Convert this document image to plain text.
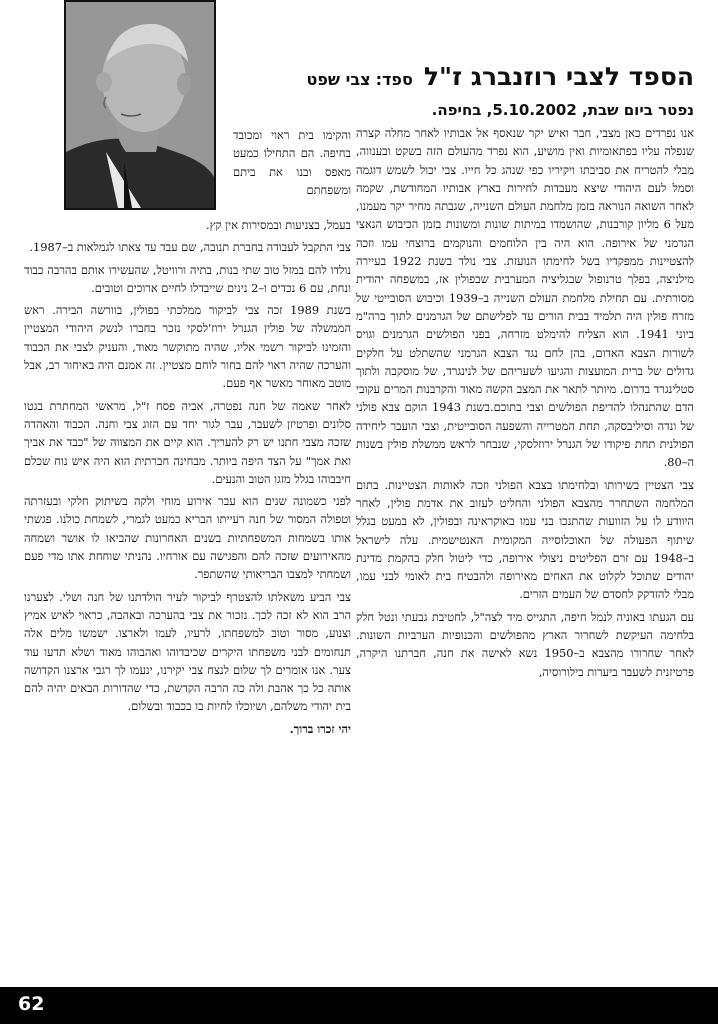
הספד לצבי רוזנברג ז"ל ספד: צבי שפט
נפטר ביום שבת, 5.10.2002, בחיפה.

אנו נפרדים כאן מצבי, חבר ואיש יקר שנאסף אל אבותיו לאחר מחלה קצרה שנפלה עליו בפתאומיות ואין מושיע, הוא נפרד מהעולם הזה בשקט ובענווה, מבלי להטריח את סביבתו ויקיריו כפי שנהג כל חייו. צבי יכול לשמש דוגמה וסמל לעם היהודי שיצא מעבדות לחירות בארץ אבותיו המחודשת, שקמה לאחר השואה הנוראה בזמן מלחמת העולם השנייה, שגבתה מחיר יקר מעמנו, מעל 6 מליון קורבנות, שהושמדו במיתות שונות ומשונות בזמן הכיבוש הנאצי הגרמני של אירופה. הוא היה בין הלוחמים והנוקמים ברוצחי עמו וזכה להצטיינות ממפקדיו בשל לחימתו הנועזת. צבי נולד בשנת 1922 בעיירה מילניצה, בפלך טרנופול שבגליציה המערבית שבפולין אז, במשפחה יהודית מסורתית. עם תחילת מלחמת העולם השנייה ב–1939 וכיבוש הסובייטי של מזרח פולין היה תלמיד בבית הורים עד לפלישתם של הגרמנים לתוך ברה"מ ביוני 1941. הוא הצליח להימלט מזרחה, בפני הפולשים הגרמנים וגויס לשורות הצבא האדום, בהן לחם נגד הצבא הגרמני שהשתלט על חלקים גדולים של ברית המועצות והגיעו לשעריהם של לנינגרד, של מוסקבה ולתוך סטלינגרד בדרום. מיותר לתאר את המצב הקשה מאוד והקרבנות המרים עקובי הדם שהתנהלו להדיפת הפולשים וצבי בתוכם.בשנת 1943 הוקם צבא פולני של ונדה וסיליבסקה, תחת המטרייה והשפעה הסובייטית, וצבי הועבר ליחידה הפולנית תחת פיקודו של הגנרל ירוזלסקי, שנבחר לראש ממשלת פולין בשנות ה–80.

צבי הצטיין בשירותו ובלחימתו בצבא הפולני וזכה לאותות הצטיינות. בתום המלחמה השתחרר מהצבא הפולני והחליט לעזוב את אדמת פולין, לאחר היוודע לו על הזוועות שהתנכו בני עמו באוקראינה ובפולין, לא במעט בגלל שיתוף הפעולה של האוכלוסייה המקומית האנטישמית. עלה לישראל ב–1948 עם זרם הפליטים ניצולי אירופה, כדי ליטול חלק בהקמת מדינת יהודים שתוכל לקלוט את האחים מאירופה ולהבטיח בית לאומי לבני עמו, מבלי להזדקק לחסדם של העמים הזרים.

עם הגעתו באוניה לנמל חיפה, התגייס מיד לצה"ל, לחטיבת גבעתי ונטל חלק בלחימה העיקשת לשחרור הארץ מהפולשים והכנופיות הערביות השונות. לאחר שחרורו מהצבא ב–1950 נשא לאישה את חנה, חברתנו היקרה, פרטיזנית לשעבר ביערות בילורוסיה,

והקימו בית ראוי ומכובד בחיפה. הם התחילו כמעט מאפס ובנו את ביתם ומשפחתם

בעמל, בצניעות ובמסירות אין קץ.

צבי התקבל לעבודה בחברת תנובה, שם עבד עד צאתו לגמלאות ב–1987.

נולדו להם במזל טוב שתי בנות, בתיה ורוויטל, שהעשירו אותם בהרבה כבוד ונחת, עם 6 נכדים ו–2 נינים שייבדלו לחיים ארוכים וטובים.

בשנת 1989 זכה צבי לביקור ממלכתי בפולין, בוורשה הבירה. ראש הממשלה של פולין הגנרל ירוז'לסקי נזכר בחברו לנשק היהודי המצטיין והזמינו לביקור רשמי אליו, שהיה מתוקשר מאוד, והעניק לצבי את הכבוד והערכה שהיה ראוי להם בחור לוחם מצטיין. זה אמנם היה באיחור רב, אבל מוטב מאוחר מאשר אף פעם.

לאחר שאמה של חנה נפטרה, אביה פסח ז"ל, מראשי המחתרת בגטו סלונים ופרטיזן לשעבר, עבר לגור יחד עם הזוג צבי וחנה. הכבוד והאהדה שזכה מצבי חתנו יש רק להעריך. הוא קיים את המצווה של "כבד את אביך ואת אמך" על הצד היפה ביותר. מבחינה חברתית הוא היה איש נוח שכלם חיבבוהו בגלל מזגו הטוב והנעים.

לפני כשמונה שנים הוא עבר אירוע מוחי ולקה בשיתוק חלקי ובעזרתה וטפולה המסור של חנה רעייתו הבריא כמעט לגמרי, לשמחת כולנו. פגשתי אותו בשמחות המשפחתיות בשנים האחרונות שהביאו לו אושר ושמחה מהאירועים שזכה להם והפגישה עם אורחיו. נהניתי שוחחת אתו מדי פעם ושמחתי למצבו הבריאותי שהשתפר.

צבי הביע משאלתו להצטרף לביקור לעיר הולדתנו של חנה ושלי. לצערנו הרב הוא לא זכה לכך. נזכור את צבי בהערכה ובאהבה, כראוי לאיש אמיץ וצנוע, מסור וטוב למשפחתו, לרעיו, לעמו ולארצו. ישמשו מלים אלה תנחומים לבני משפחתו היקרים שכיבדוהו ואהבוהו מאוד ושלא תדעו עוד צער. אנו אומרים לך שלום לנצח צבי יקירנו, ינעמו לך רגבי ארצנו הקדושה אותה כל כך אהבת ולה כה הרבה הקדשת, כדי שהדורות הבאים יהיה להם בית יהודי משלהם, ושיוכלו לחיות בו בכבוד ובשלום.

יהי זכרו ברוך.

62
